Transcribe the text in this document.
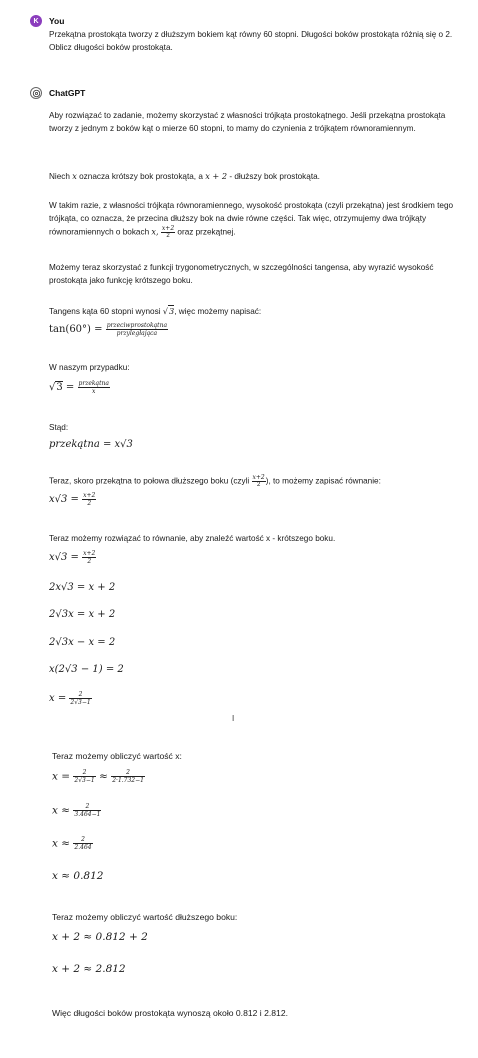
K	You
Przekątna prostokąta tworzy z dłuższym bokiem kąt równy 60 stopni. Długości boków prostokąta różnią się o 2. Oblicz długości boków prostokąta.
ChatGPT

Aby rozwiązać to zadanie, możemy skorzystać z własności trójkąta prostokątnego. Jeśli przekątna prostokąta tworzy z jednym z boków kąt o mierze 60 stopni, to mamy do czynienia z trójkątem równoramiennym.

Niech x oznacza krótszy bok prostokąta, a x + 2 - dłuższy bok prostokąta.

W takim razie, z własności trójkąta równoramiennego, wysokość prostokąta (czyli przekątna) jest środkiem tego trójkąta, co oznacza, że przecina dłuższy bok na dwie równe części. Tak więc, otrzymujemy dwa trójkąty równoramiennych o bokach x, $\frac{x+2}{2}$ oraz przekątnej.

Możemy teraz skorzystać z funkcji trygonometrycznych, w szczególności tangensa, aby wyrazić wysokość prostokąta jako funkcję krótszego boku.

Tangens kąta 60 stopni wynosi √3, więc możemy napisać:

$\tan(60^\circ) = \frac{\text{przeciwprostokątna}}{\text{przyległająca}}$

W naszym przypadku:

$√3 = \frac{\text{przekątna}}{x}$

Stąd:

przekątna = x√3

Teraz, skoro przekątna to połowa dłuższego boku (czyli $\frac{x+2}{2}$ ), to możemy zapisać równanie:

$x√3 = \frac{x+2}{2}$

Teraz możemy rozwiązać to równanie, aby znaleźć wartość x - krótszego boku.

$x√3 = \frac{x+2}{2}$
2x√3 = x + 2
2√3x = x + 2
2√3x − x = 2
x(2√3 − 1) = 2
$x = \frac{2}{2√3-1}$
I

Teraz możemy obliczyć wartość x:

$x = \frac{2}{2√3-1} \approx \frac{2}{2\cdot 1.732-1}$
$x \approx \frac{2}{3.464-1}$
$x \approx \frac{2}{2.464}$
x ≈ 0.812

Teraz możemy obliczyć wartość dłuższego boku:

x + 2 ≈ 0.812 + 2
x + 2 ≈ 2.812

Więc długości boków prostokąta wynoszą około 0.812 i 2.812.
